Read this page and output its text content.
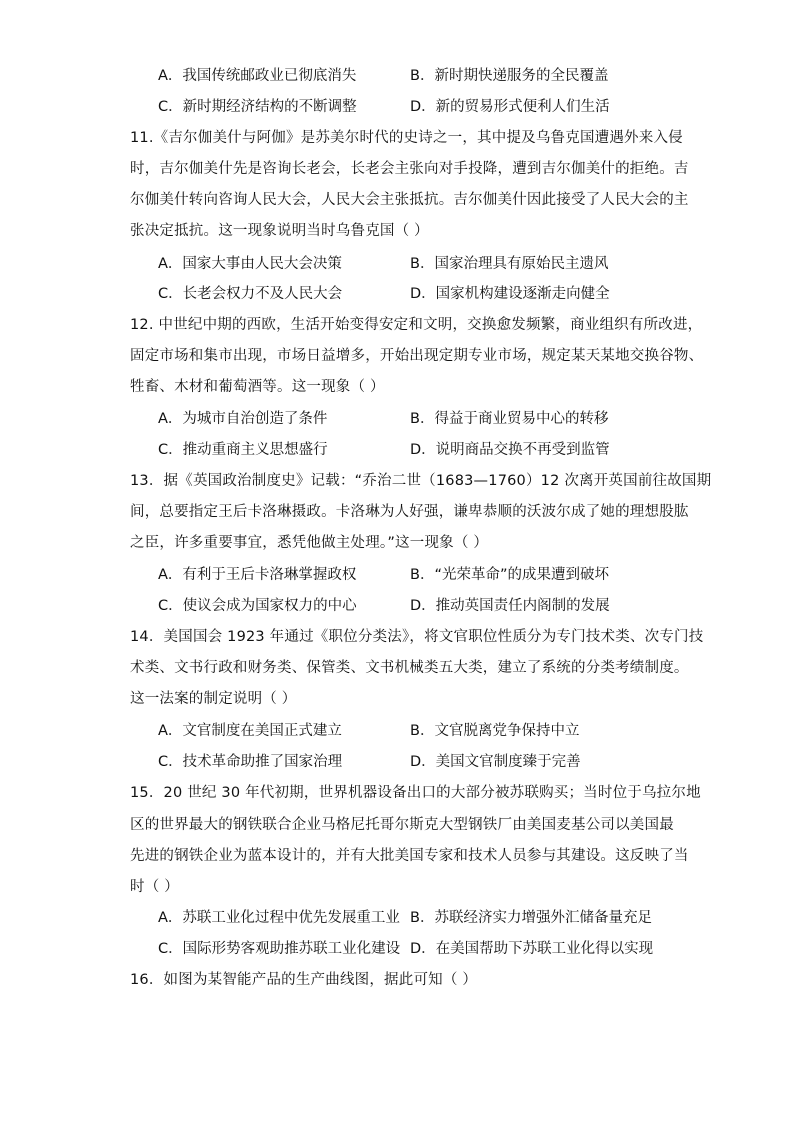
A．我国传统邮政业已彻底消失	B．新时期快递服务的全民覆盖
C．新时期经济结构的不断调整	D．新的贸易形式便利人们生活
11.《吉尔伽美什与阿伽》是苏美尔时代的史诗之一，其中提及乌鲁克国遭遇外来入侵
时，吉尔伽美什先是咨询长老会，长老会主张向对手投降，遭到吉尔伽美什的拒绝。吉
尔伽美什转向咨询人民大会，人民大会主张抵抗。吉尔伽美什因此接受了人民大会的主
张决定抵抗。这一现象说明当时乌鲁克国（ ）
A．国家大事由人民大会决策	B．国家治理具有原始民主遗风
C．长老会权力不及人民大会	D．国家机构建设逐渐走向健全
12. 中世纪中期的西欧，生活开始变得安定和文明，交换愈发频繁，商业组织有所改进，
固定市场和集市出现，市场日益增多，开始出现定期专业市场，规定某天某地交换谷物、
牲畜、木材和葡萄酒等。这一现象（ ）
A．为城市自治创造了条件	B．得益于商业贸易中心的转移
C．推动重商主义思想盛行	D．说明商品交换不再受到监管
13．据《英国政治制度史》记载：“乔治二世（1683—1760）12 次离开英国前往故国期
间，总要指定王后卡洛琳摄政。卡洛琳为人好强，谦卑恭顺的沃波尔成了她的理想股肱
之臣，许多重要事宜，悉凭他做主处理。”这一现象（ ）
A．有利于王后卡洛琳掌握政权	B．“光荣革命”的成果遭到破坏
C．使议会成为国家权力的中心	D．推动英国责任内阁制的发展
14．美国国会 1923 年通过《职位分类法》，将文官职位性质分为专门技术类、次专门技
术类、文书行政和财务类、保管类、文书机械类五大类，建立了系统的分类考绩制度。
这一法案的制定说明（ ）
A．文官制度在美国正式建立	B．文官脱离党争保持中立
C．技术革命助推了国家治理	D．美国文官制度臻于完善
15．20 世纪 30 年代初期，世界机器设备出口的大部分被苏联购买；当时位于乌拉尔地
区的世界最大的钢铁联合企业马格尼托哥尔斯克大型钢铁厂由美国麦基公司以美国最
先进的钢铁企业为蓝本设计的，并有大批美国专家和技术人员参与其建设。这反映了当
时（ ）
A．苏联工业化过程中优先发展重工业 B．苏联经济实力增强外汇储备量充足
C．国际形势客观助推苏联工业化建设 D．在美国帮助下苏联工业化得以实现
16．如图为某智能产品的生产曲线图，据此可知（ ）
